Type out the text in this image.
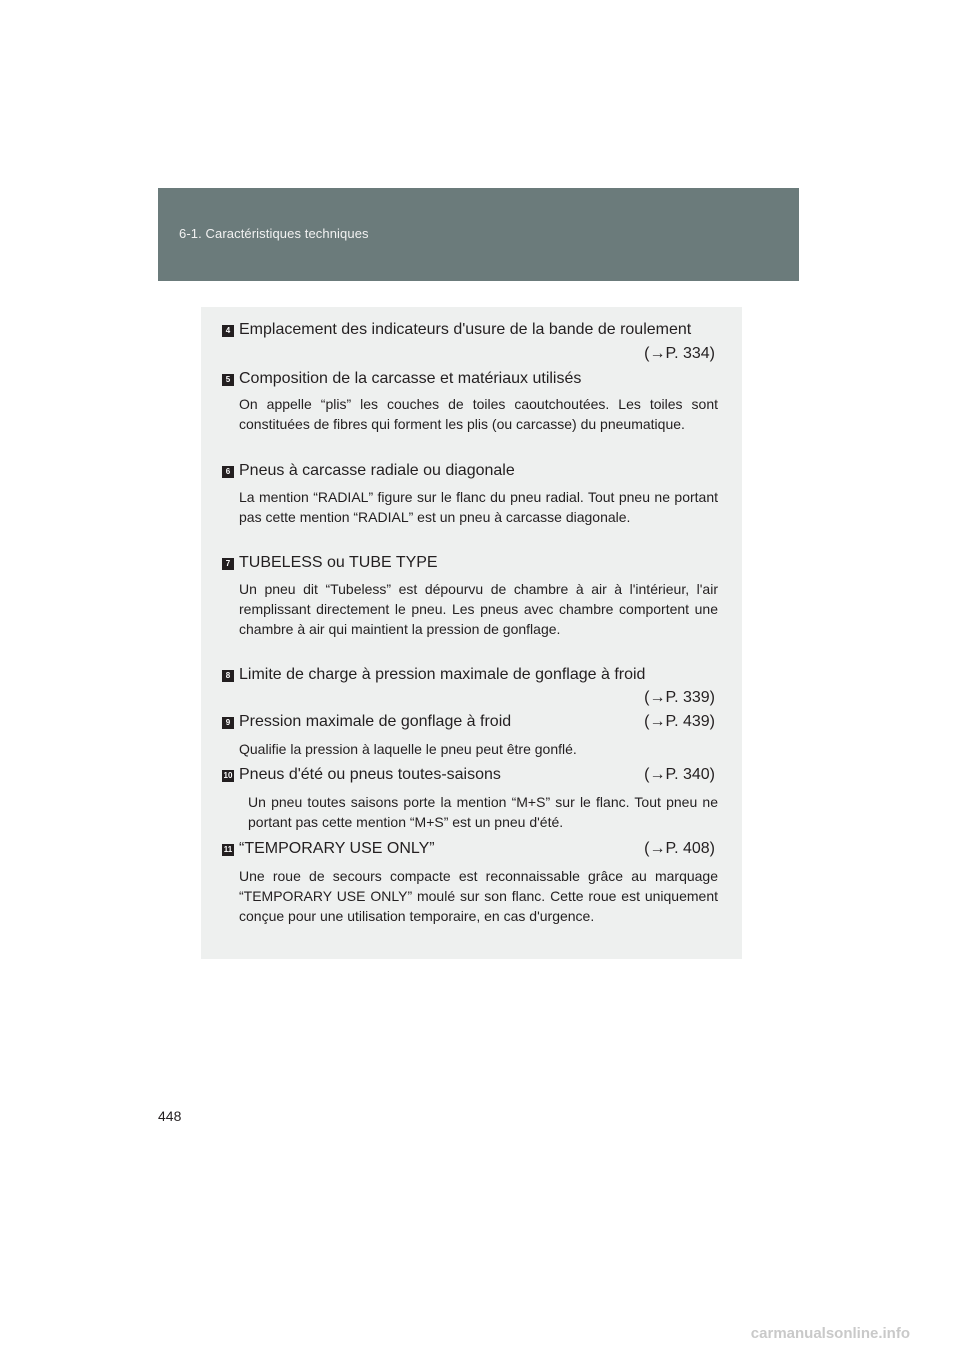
6-1. Caractéristiques techniques
4 Emplacement des indicateurs d'usure de la bande de roulement
(→P. 334)
5 Composition de la carcasse et matériaux utilisés
On appelle “plis” les couches de toiles caoutchoutées. Les toiles sont constituées de fibres qui forment les plis (ou carcasse) du pneumatique.
6 Pneus à carcasse radiale ou diagonale
La mention “RADIAL” figure sur le flanc du pneu radial. Tout pneu ne portant pas cette mention “RADIAL” est un pneu à carcasse diagonale.
7 TUBELESS ou TUBE TYPE
Un pneu dit “Tubeless” est dépourvu de chambre à air à l'intérieur, l'air remplissant directement le pneu. Les pneus avec chambre comportent une chambre à air qui maintient la pression de gonflage.
8 Limite de charge à pression maximale de gonflage à froid
(→P. 339)
9 Pression maximale de gonflage à froid	(→P. 439)
Qualifie la pression à laquelle le pneu peut être gonflé.
10 Pneus d'été ou pneus toutes-saisons	(→P. 340)
Un pneu toutes saisons porte la mention “M+S” sur le flanc. Tout pneu ne portant pas cette mention “M+S” est un pneu d'été.
11 “TEMPORARY USE ONLY”	(→P. 408)
Une roue de secours compacte est reconnaissable grâce au marquage “TEMPORARY USE ONLY” moulé sur son flanc. Cette roue est uniquement conçue pour une utilisation temporaire, en cas d'urgence.
448
carmanualsonline.info
